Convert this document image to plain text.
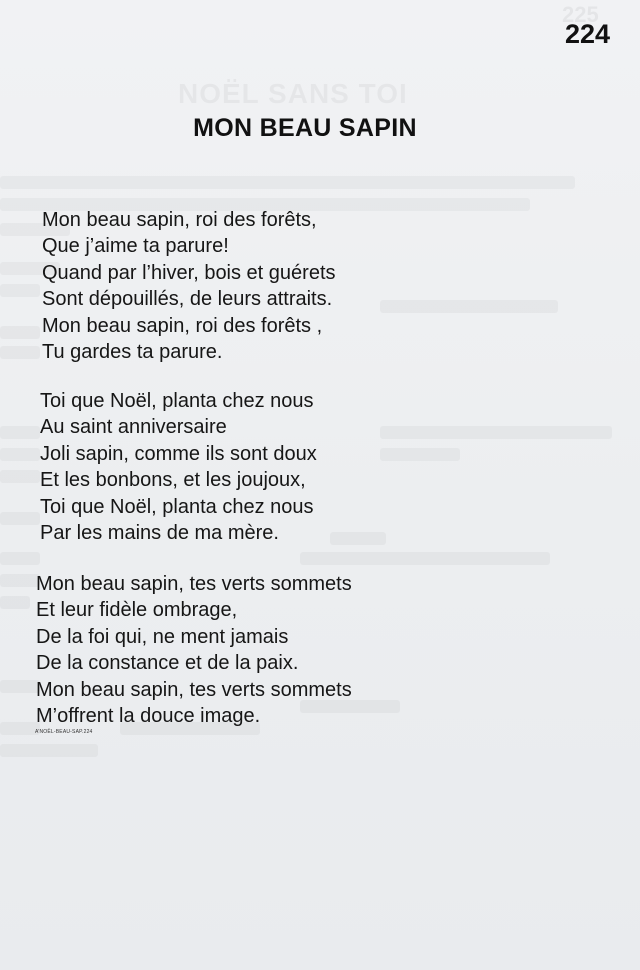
225

224

MON BEAU SAPIN
Mon beau sapin, roi des forêts,
Que j’aime ta parure!
Quand par l’hiver, bois et guérets
Sont dépouillés, de leurs attraits.
Mon beau sapin, roi des forêts ,
Tu gardes ta parure.
Toi que Noël, planta chez nous
Au saint anniversaire
Joli sapin, comme ils sont doux
Et les bonbons, et les joujoux,
Toi que Noël, planta chez nous
Par les mains de ma mère.
Mon beau sapin, tes verts sommets
Et leur fidèle ombrage,
De la foi qui, ne ment jamais
De la constance et de la paix.
Mon beau sapin, tes verts sommets
M’offrent la douce image.

A’NOËL-BEAU-SAP.224
